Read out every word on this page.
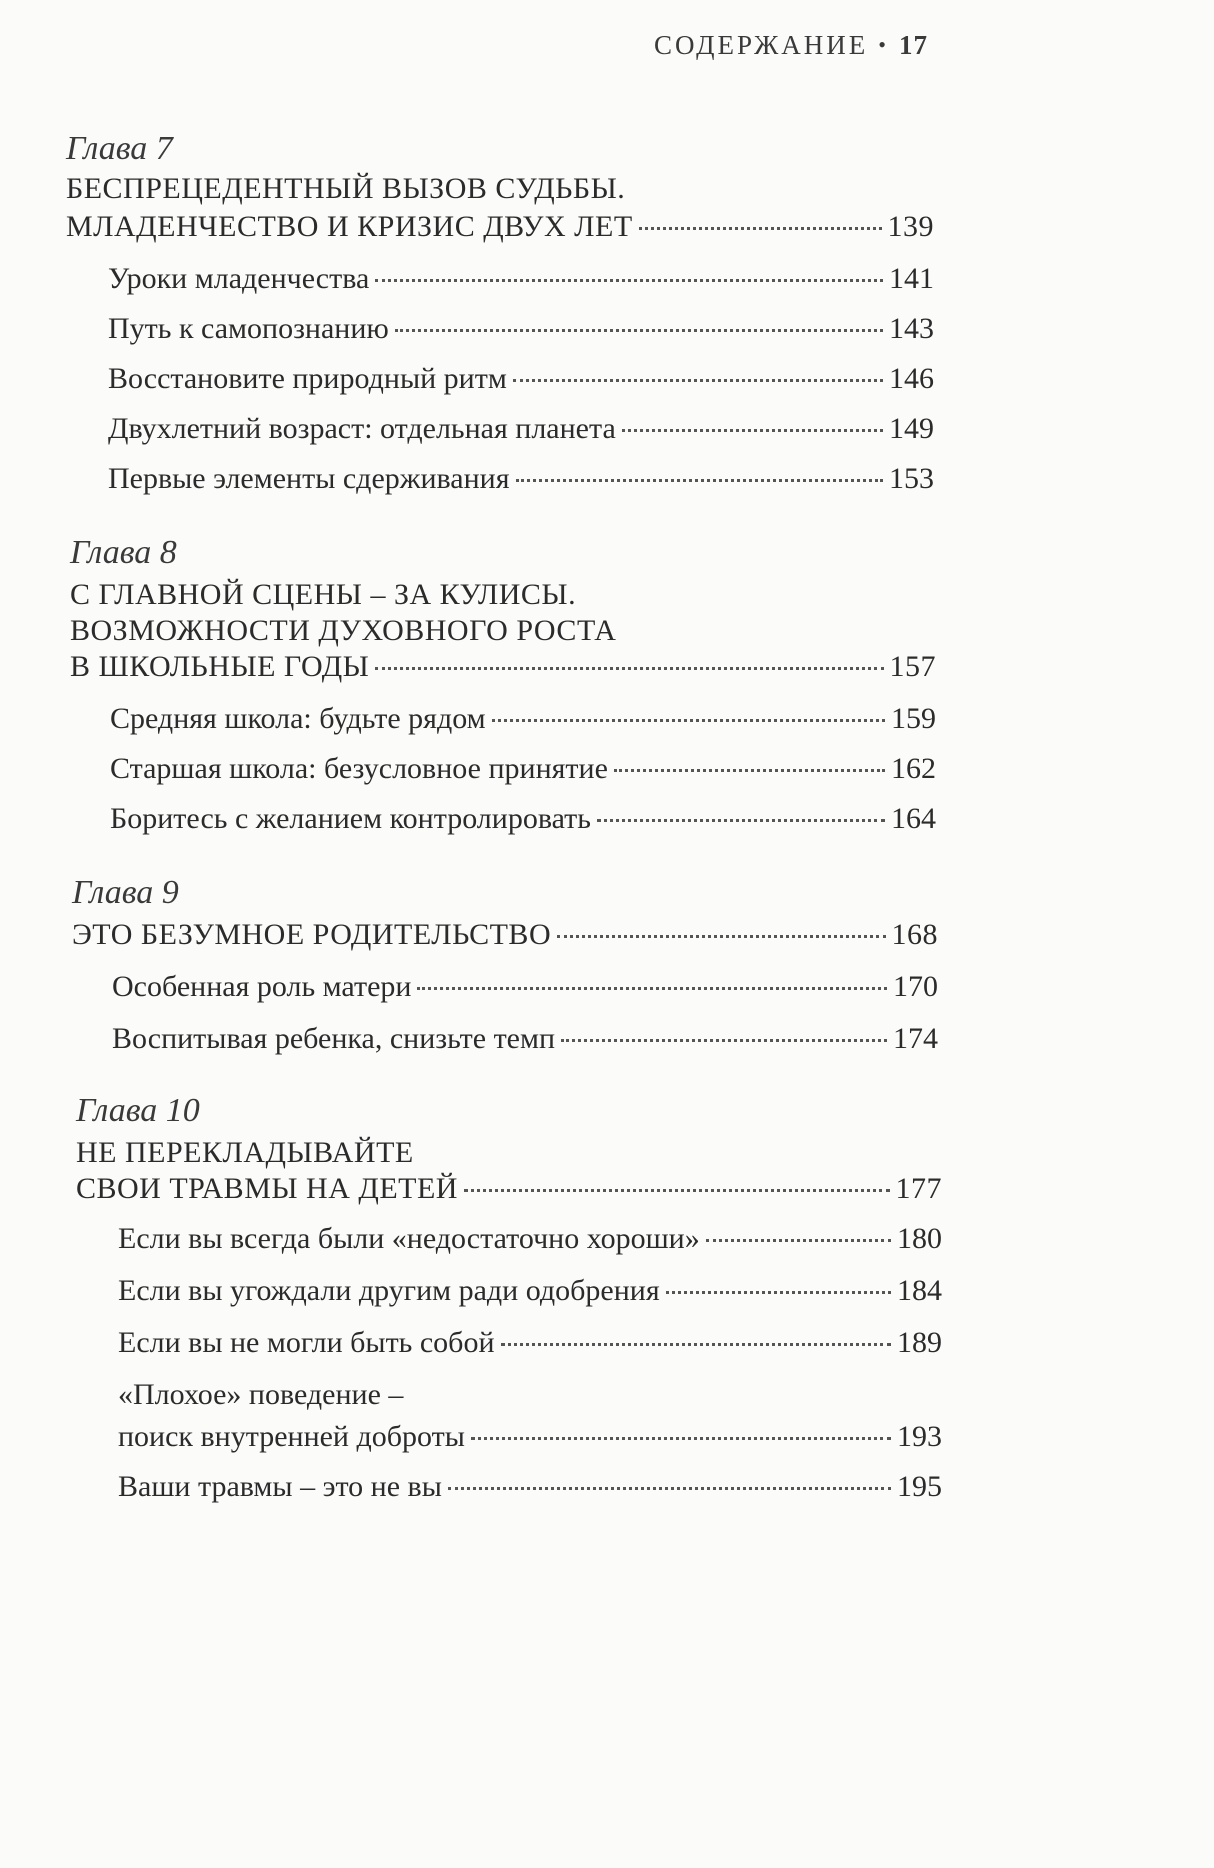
СОДЕРЖАНИЕ • 17
Глава 7
БЕСПРЕЦЕДЕНТНЫЙ ВЫЗОВ СУДЬБЫ.
МЛАДЕНЧЕСТВО И КРИЗИС ДВУХ ЛЕТ	139
Уроки младенчества	141
Путь к самопознанию	143
Восстановите природный ритм	146
Двухлетний возраст: отдельная планета	149
Первые элементы сдерживания	153
Глава 8
С ГЛАВНОЙ СЦЕНЫ – ЗА КУЛИСЫ.
ВОЗМОЖНОСТИ ДУХОВНОГО РОСТА
В ШКОЛЬНЫЕ ГОДЫ	157
Средняя школа: будьте рядом	159
Старшая школа: безусловное принятие	162
Боритесь с желанием контролировать	164
Глава 9
ЭТО БЕЗУМНОЕ РОДИТЕЛЬСТВО	168
Особенная роль матери	170
Воспитывая ребенка, снизьте темп	174
Глава 10
НЕ ПЕРЕКЛАДЫВАЙТЕ
СВОИ ТРАВМЫ НА ДЕТЕЙ	177
Если вы всегда были «недостаточно хороши»	180
Если вы угождали другим ради одобрения	184
Если вы не могли быть собой	189
«Плохое» поведение –
поиск внутренней доброты	193
Ваши травмы – это не вы	195
